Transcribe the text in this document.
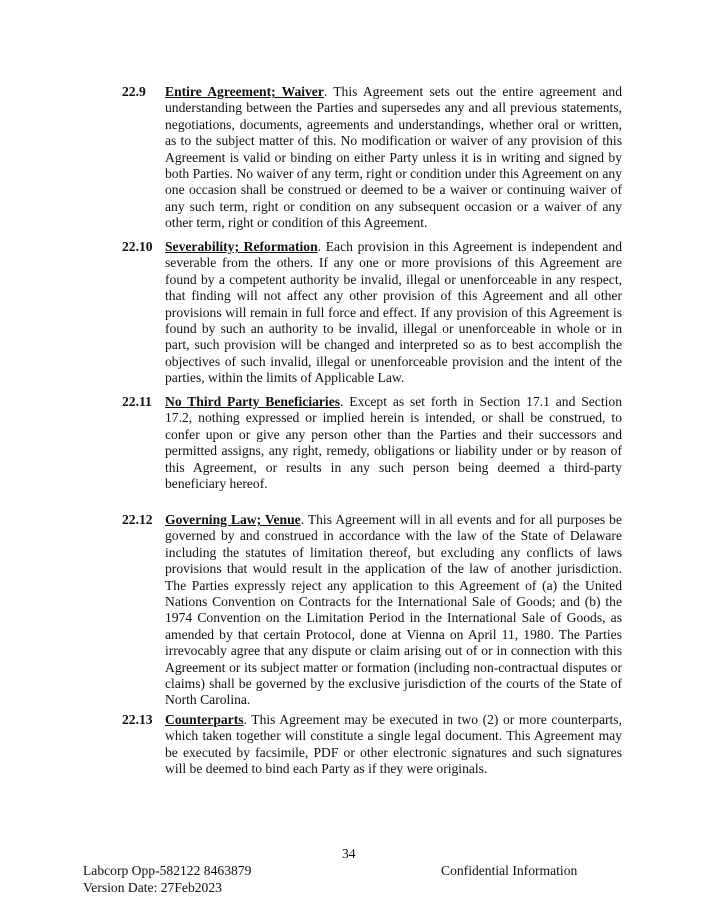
22.9	Entire Agreement; Waiver. This Agreement sets out the entire agreement and understanding between the Parties and supersedes any and all previous statements, negotiations, documents, agreements and understandings, whether oral or written, as to the subject matter of this. No modification or waiver of any provision of this Agreement is valid or binding on either Party unless it is in writing and signed by both Parties. No waiver of any term, right or condition under this Agreement on any one occasion shall be construed or deemed to be a waiver or continuing waiver of any such term, right or condition on any subsequent occasion or a waiver of any other term, right or condition of this Agreement.
22.10 Severability; Reformation. Each provision in this Agreement is independent and severable from the others. If any one or more provisions of this Agreement are found by a competent authority be invalid, illegal or unenforceable in any respect, that finding will not affect any other provision of this Agreement and all other provisions will remain in full force and effect. If any provision of this Agreement is found by such an authority to be invalid, illegal or unenforceable in whole or in part, such provision will be changed and interpreted so as to best accomplish the objectives of such invalid, illegal or unenforceable provision and the intent of the parties, within the limits of Applicable Law.
22.11 No Third Party Beneficiaries. Except as set forth in Section 17.1 and Section 17.2, nothing expressed or implied herein is intended, or shall be construed, to confer upon or give any person other than the Parties and their successors and permitted assigns, any right, remedy, obligations or liability under or by reason of this Agreement, or results in any such person being deemed a third-party beneficiary hereof.
22.12 Governing Law; Venue. This Agreement will in all events and for all purposes be governed by and construed in accordance with the law of the State of Delaware including the statutes of limitation thereof, but excluding any conflicts of laws provisions that would result in the application of the law of another jurisdiction. The Parties expressly reject any application to this Agreement of (a) the United Nations Convention on Contracts for the International Sale of Goods; and (b) the 1974 Convention on the Limitation Period in the International Sale of Goods, as amended by that certain Protocol, done at Vienna on April 11, 1980. The Parties irrevocably agree that any dispute or claim arising out of or in connection with this Agreement or its subject matter or formation (including non-contractual disputes or claims) shall be governed by the exclusive jurisdiction of the courts of the State of North Carolina.
22.13 Counterparts. This Agreement may be executed in two (2) or more counterparts, which taken together will constitute a single legal document. This Agreement may be executed by facsimile, PDF or other electronic signatures and such signatures will be deemed to bind each Party as if they were originals.
34
Labcorp Opp-582122 8463879
Version Date: 27Feb2023
Confidential Information
